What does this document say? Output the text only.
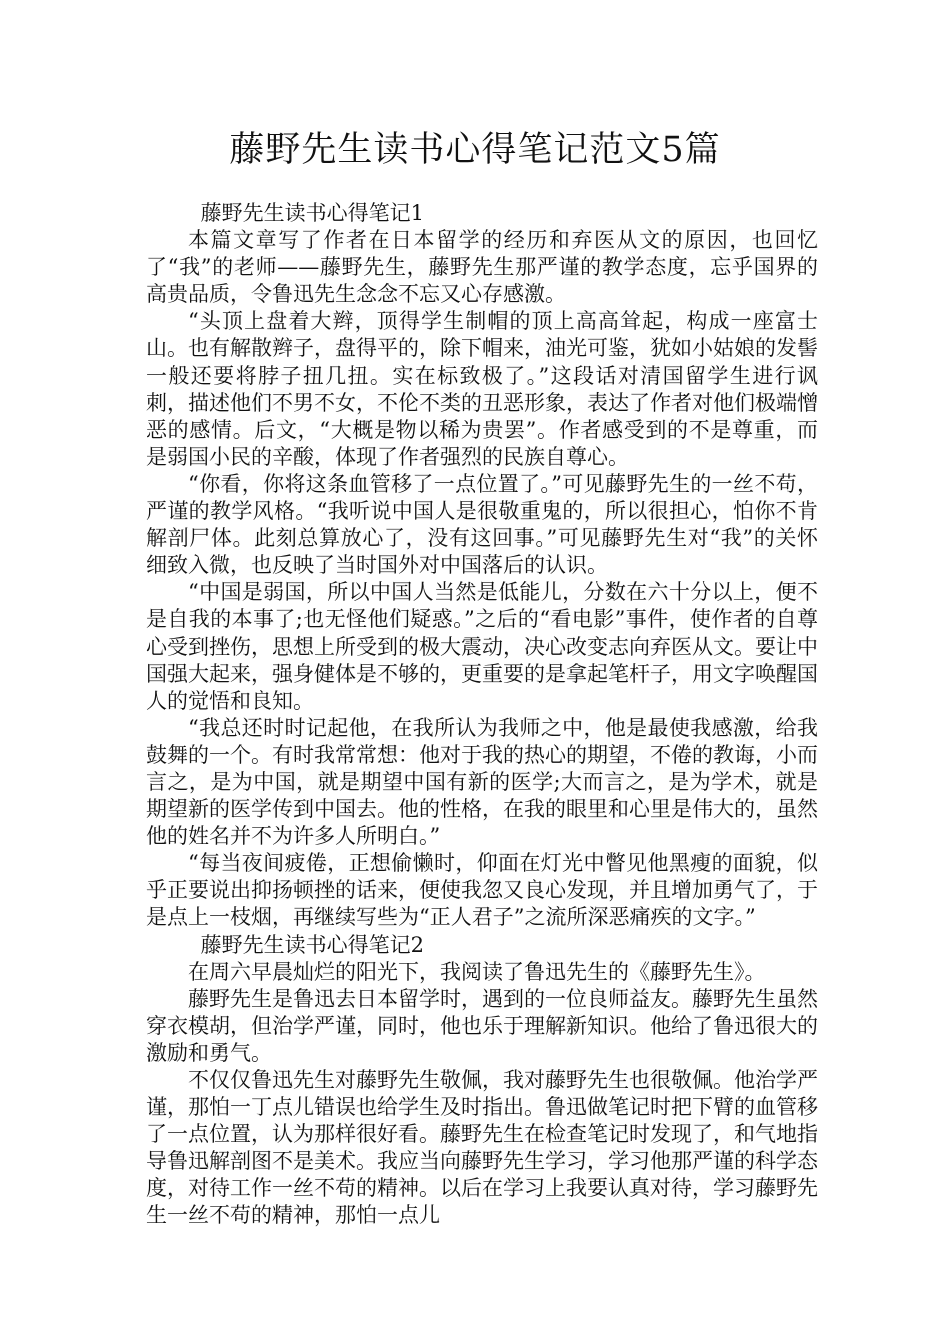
藤野先生读书心得笔记范文5篇

藤野先生读书心得笔记1

本篇文章写了作者在日本留学的经历和弃医从文的原因，也回忆了“我”的老师——藤野先生，藤野先生那严谨的教学态度，忘乎国界的高贵品质，令鲁迅先生念念不忘又心存感激。

“头顶上盘着大辫，顶得学生制帽的顶上高高耸起，构成一座富士山。也有解散辫子，盘得平的，除下帽来，油光可鉴，犹如小姑娘的发髻一般还要将脖子扭几扭。实在标致极了。”这段话对清国留学生进行讽刺，描述他们不男不女，不伦不类的丑恶形象，表达了作者对他们极端憎恶的感情。后文，“大概是物以稀为贵罢”。作者感受到的不是尊重，而是弱国小民的辛酸，体现了作者强烈的民族自尊心。

“你看，你将这条血管移了一点位置了。”可见藤野先生的一丝不苟，严谨的教学风格。“我听说中国人是很敬重鬼的，所以很担心，怕你不肯解剖尸体。此刻总算放心了，没有这回事。”可见藤野先生对“我”的关怀细致入微，也反映了当时国外对中国落后的认识。

“中国是弱国，所以中国人当然是低能儿，分数在六十分以上，便不是自我的本事了;也无怪他们疑惑。”之后的“看电影”事件，使作者的自尊心受到挫伤，思想上所受到的极大震动，决心改变志向弃医从文。要让中国强大起来，强身健体是不够的，更重要的是拿起笔杆子，用文字唤醒国人的觉悟和良知。

“我总还时时记起他，在我所认为我师之中，他是最使我感激，给我鼓舞的一个。有时我常常想：他对于我的热心的期望，不倦的教诲，小而言之，是为中国，就是期望中国有新的医学;大而言之，是为学术，就是期望新的医学传到中国去。他的性格，在我的眼里和心里是伟大的，虽然他的姓名并不为许多人所明白。”

“每当夜间疲倦，正想偷懒时，仰面在灯光中瞥见他黑瘦的面貌，似乎正要说出抑扬顿挫的话来，便使我忽又良心发现，并且增加勇气了，于是点上一枝烟，再继续写些为“正人君子”之流所深恶痛疾的文字。”

藤野先生读书心得笔记2

在周六早晨灿烂的阳光下，我阅读了鲁迅先生的《藤野先生》。

藤野先生是鲁迅去日本留学时，遇到的一位良师益友。藤野先生虽然穿衣模胡，但治学严谨，同时，他也乐于理解新知识。他给了鲁迅很大的激励和勇气。

不仅仅鲁迅先生对藤野先生敬佩，我对藤野先生也很敬佩。他治学严谨，那怕一丁点儿错误也给学生及时指出。鲁迅做笔记时把下臂的血管移了一点位置，认为那样很好看。藤野先生在检查笔记时发现了，和气地指导鲁迅解剖图不是美术。我应当向藤野先生学习，学习他那严谨的科学态度，对待工作一丝不苟的精神。以后在学习上我要认真对待，学习藤野先生一丝不苟的精神，那怕一点儿
